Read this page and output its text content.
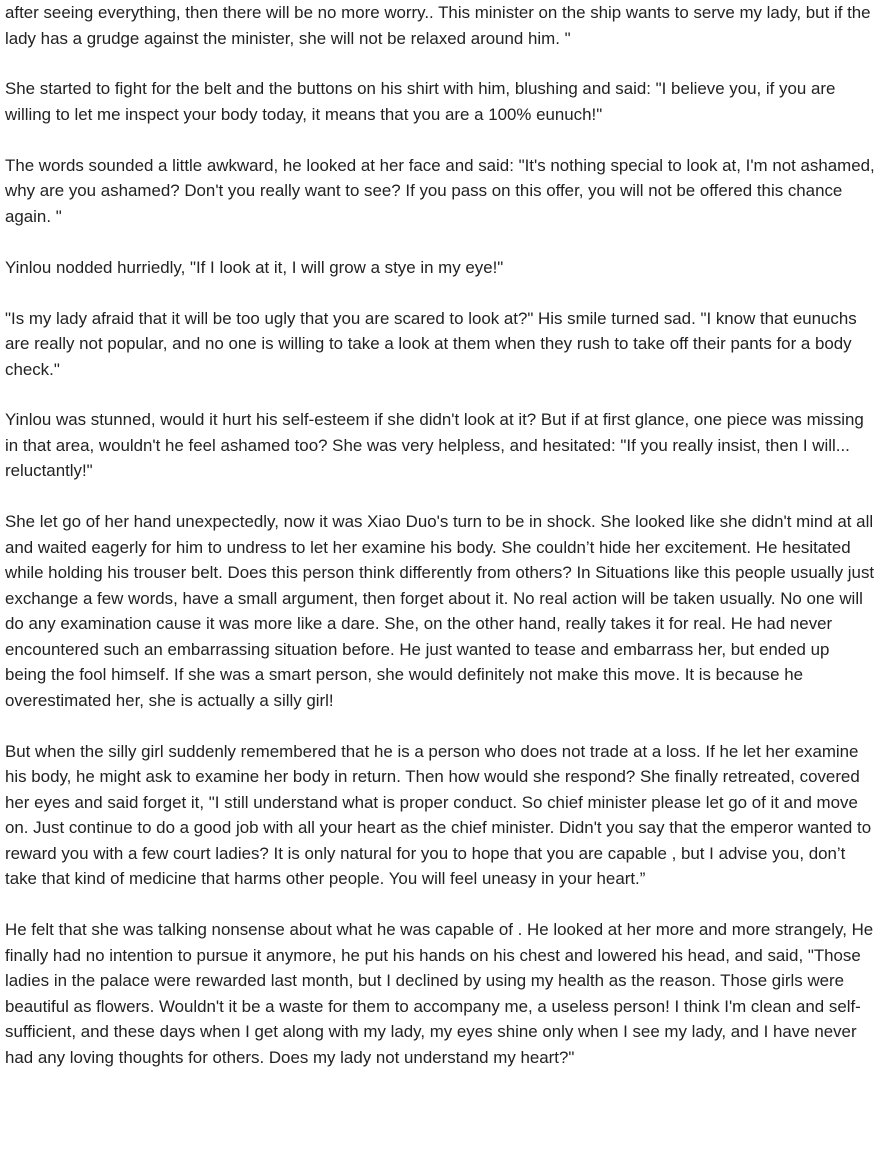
after seeing everything, then there will be no more worry.. This minister on the ship wants to serve my lady, but if the lady has a grudge against the minister, she will not be relaxed around him. "

She started to fight for the belt and the buttons on his shirt with him, blushing and said: "I believe you, if you are willing to let me inspect your body today, it means that you are a 100% eunuch!"

The words sounded a little awkward, he looked at her face and said: "It's nothing special to look at, I'm not ashamed, why are you ashamed? Don't you really want to see? If you pass on this offer, you will not be offered this chance again. "

Yinlou nodded hurriedly, "If I look at it, I will grow a stye in my eye!"

"Is my lady afraid that it will be too ugly that you are scared to look at?" His smile turned sad. "I know that eunuchs are really not popular, and no one is willing to take a look at them when they rush to take off their pants for a body check."

Yinlou was stunned, would it hurt his self-esteem if she didn't look at it? But if at first glance, one piece was missing in that area, wouldn't he feel ashamed too? She was very helpless, and hesitated: "If you really insist, then I will... reluctantly!"

She let go of her hand unexpectedly, now it was Xiao Duo's turn to be in shock. She looked like she didn't mind at all and waited eagerly for him to undress to let her examine his body. She couldn’t hide her excitement. He hesitated while holding his trouser belt. Does this person think differently from others? In Situations like this people usually just exchange a few words, have a small argument, then forget about it. No real action will be taken usually. No one will do any examination cause it was more like a dare. She, on the other hand, really takes it for real. He had never encountered such an embarrassing situation before. He just wanted to tease and embarrass her, but ended up being the fool himself. If she was a smart person, she would definitely not make this move. It is because he overestimated her, she is actually a silly girl!

But when the silly girl suddenly remembered that he is a person who does not trade at a loss. If he let her examine his body, he might ask to examine her body in return. Then how would she respond? She finally retreated, covered her eyes and said forget it, "I still understand what is proper conduct. So chief minister please let go of it and move on. Just continue to do a good job with all your heart as the chief minister. Didn't you say that the emperor wanted to reward you with a few court ladies? It is only natural for you to hope that you are capable , but I advise you, don’t take that kind of medicine that harms other people. You will feel uneasy in your heart.”

He felt that she was talking nonsense about what he was capable of . He looked at her more and more strangely, He finally had no intention to pursue it anymore, he put his hands on his chest and lowered his head, and said, "Those ladies in the palace were rewarded last month, but I declined by using my health as the reason. Those girls were beautiful as flowers. Wouldn't it be a waste for them to accompany me, a useless person! I think I'm clean and self-sufficient, and these days when I get along with my lady, my eyes shine only when I see my lady, and I have never had any loving thoughts for others. Does my lady not understand my heart?"
